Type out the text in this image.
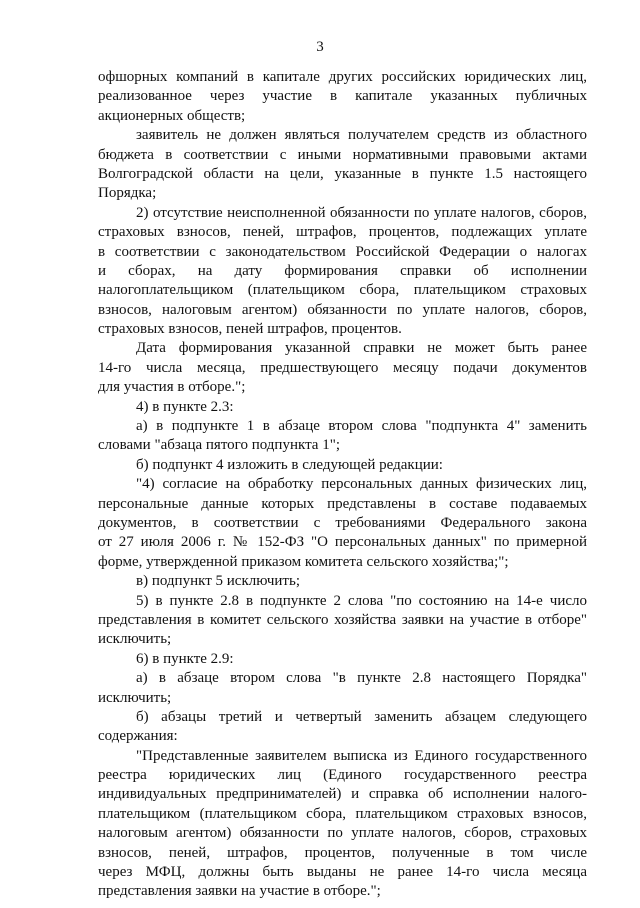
3
офшорных компаний в капитале других российских юридических лиц,
реализованное через участие в капитале указанных публичных
акционерных обществ;
заявитель не должен являться получателем средств из областного
бюджета в соответствии с иными нормативными правовыми актами
Волгоградской области на цели, указанные в пункте 1.5 настоящего
Порядка;
2) отсутствие неисполненной обязанности по уплате налогов, сборов,
страховых взносов, пеней, штрафов, процентов, подлежащих уплате
в соответствии с законодательством Российской Федерации о налогах
и сборах, на дату формирования справки об исполнении
налогоплательщиком (плательщиком сбора, плательщиком страховых
взносов, налоговым агентом) обязанности по уплате налогов, сборов,
страховых взносов, пеней штрафов, процентов.
Дата формирования указанной справки не может быть ранее
14-го числа месяца, предшествующего месяцу подачи документов
для участия в отборе.";
4) в пункте 2.3:
а) в подпункте 1 в абзаце втором слова "подпункта 4" заменить
словами "абзаца пятого подпункта 1";
б) подпункт 4 изложить в следующей редакции:
"4) согласие на обработку персональных данных физических лиц,
персональные данные которых представлены в составе подаваемых
документов, в соответствии с требованиями Федерального закона
от 27 июля 2006 г. № 152-ФЗ "О персональных данных" по примерной
форме, утвержденной приказом комитета сельского хозяйства;";
в) подпункт 5 исключить;
5) в пункте 2.8 в подпункте 2 слова "по состоянию на 14-е число
представления в комитет сельского хозяйства заявки на участие в отборе"
исключить;
6) в пункте 2.9:
а) в абзаце втором слова "в пункте 2.8 настоящего Порядка"
исключить;
б) абзацы третий и четвертый заменить абзацем следующего
содержания:
"Представленные заявителем выписка из Единого государственного
реестра юридических лиц (Единого государственного реестра
индивидуальных предпринимателей) и справка об исполнении налого-
плательщиком (плательщиком сбора, плательщиком страховых взносов,
налоговым агентом) обязанности по уплате налогов, сборов, страховых
взносов, пеней, штрафов, процентов, полученные в том числе
через МФЦ, должны быть выданы не ранее 14-го числа месяца
представления заявки на участие в отборе.";
